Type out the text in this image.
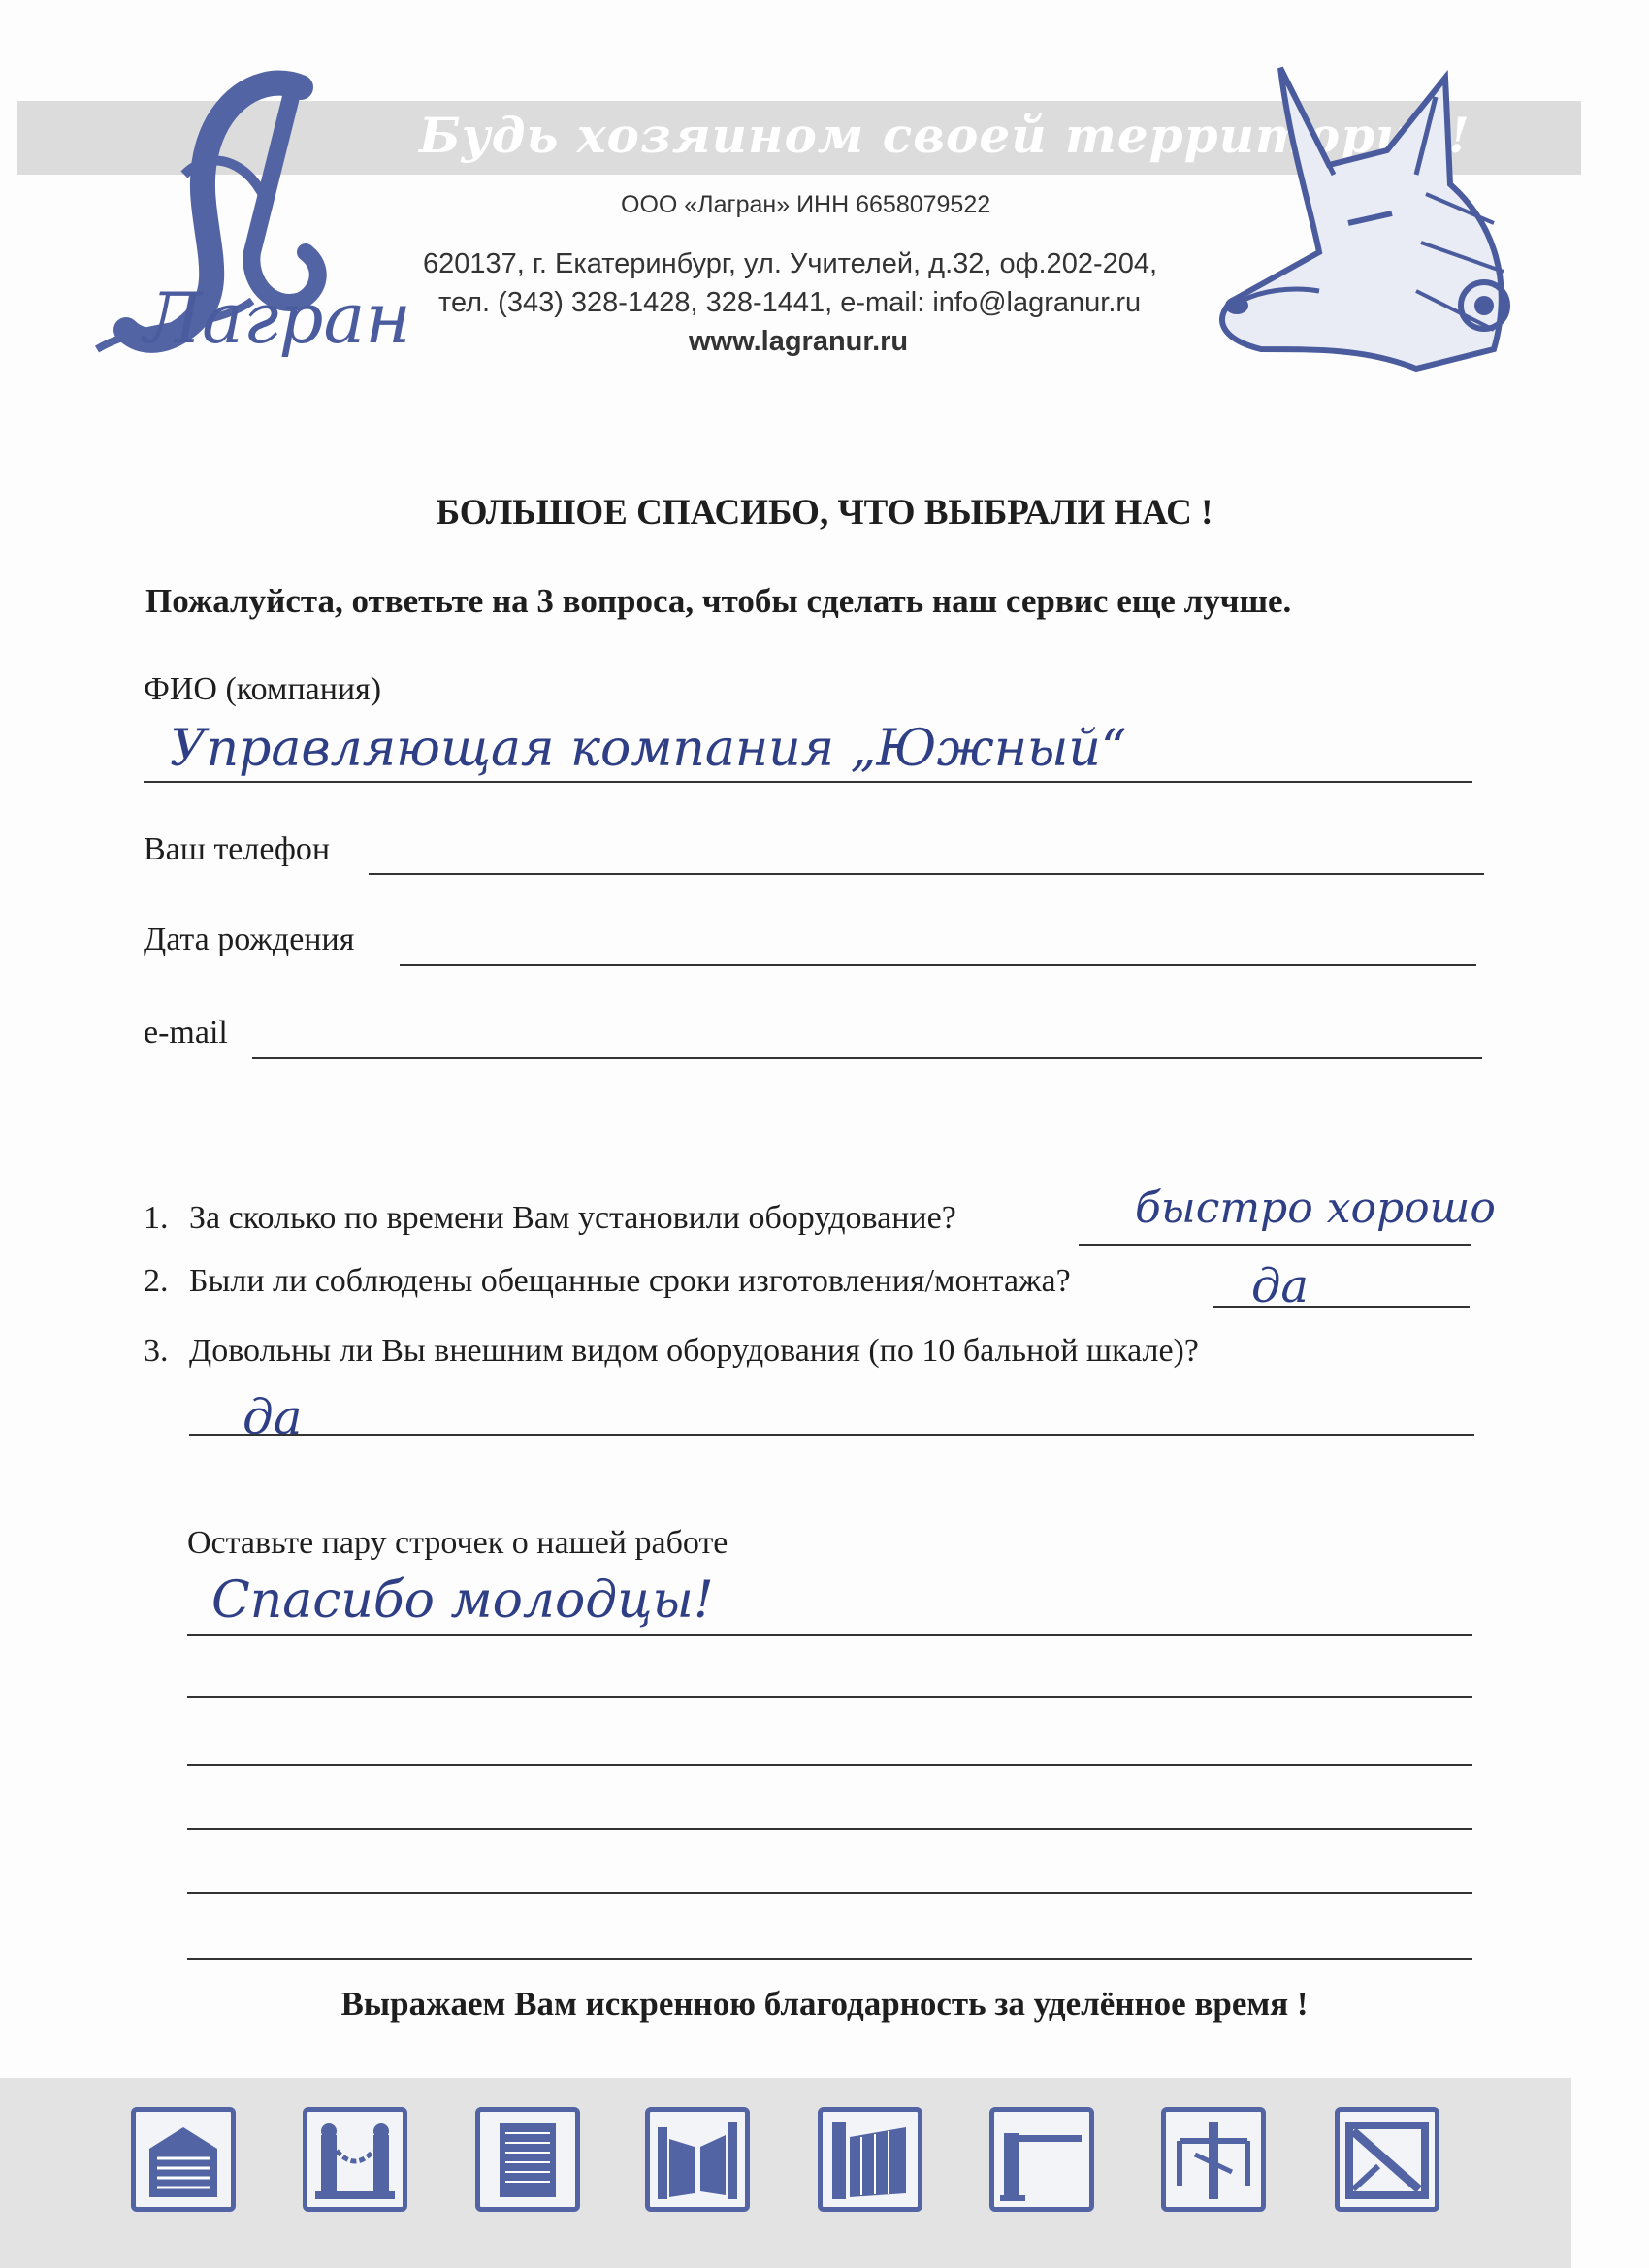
Будь хозяином своей территории!
Лагран
ООО «Лагран» ИНН 6658079522
620137, г. Екатеринбург, ул. Учителей, д.32, оф.202-204,
тел. (343) 328-1428, 328-1441, e-mail: info@lagranur.ru
www.lagranur.ru
БОЛЬШОЕ СПАСИБО, ЧТО ВЫБРАЛИ НАС !
Пожалуйста, ответьте на 3 вопроса, чтобы сделать наш сервис еще лучше.
ФИО (компания)
Управляющая компания „Южный“
Ваш телефон
Дата рождения
e-mail
1. За сколько по времени Вам установили оборудование?	быстро хорошо
2. Были ли соблюдены обещанные сроки изготовления/монтажа?	да
3. Довольны ли Вы внешним видом оборудования (по 10 бальной шкале)?
да
Оставьте пару строчек о нашей работе
Спасибо молодцы!
Выражаем Вам искренною благодарность за уделённое время !
